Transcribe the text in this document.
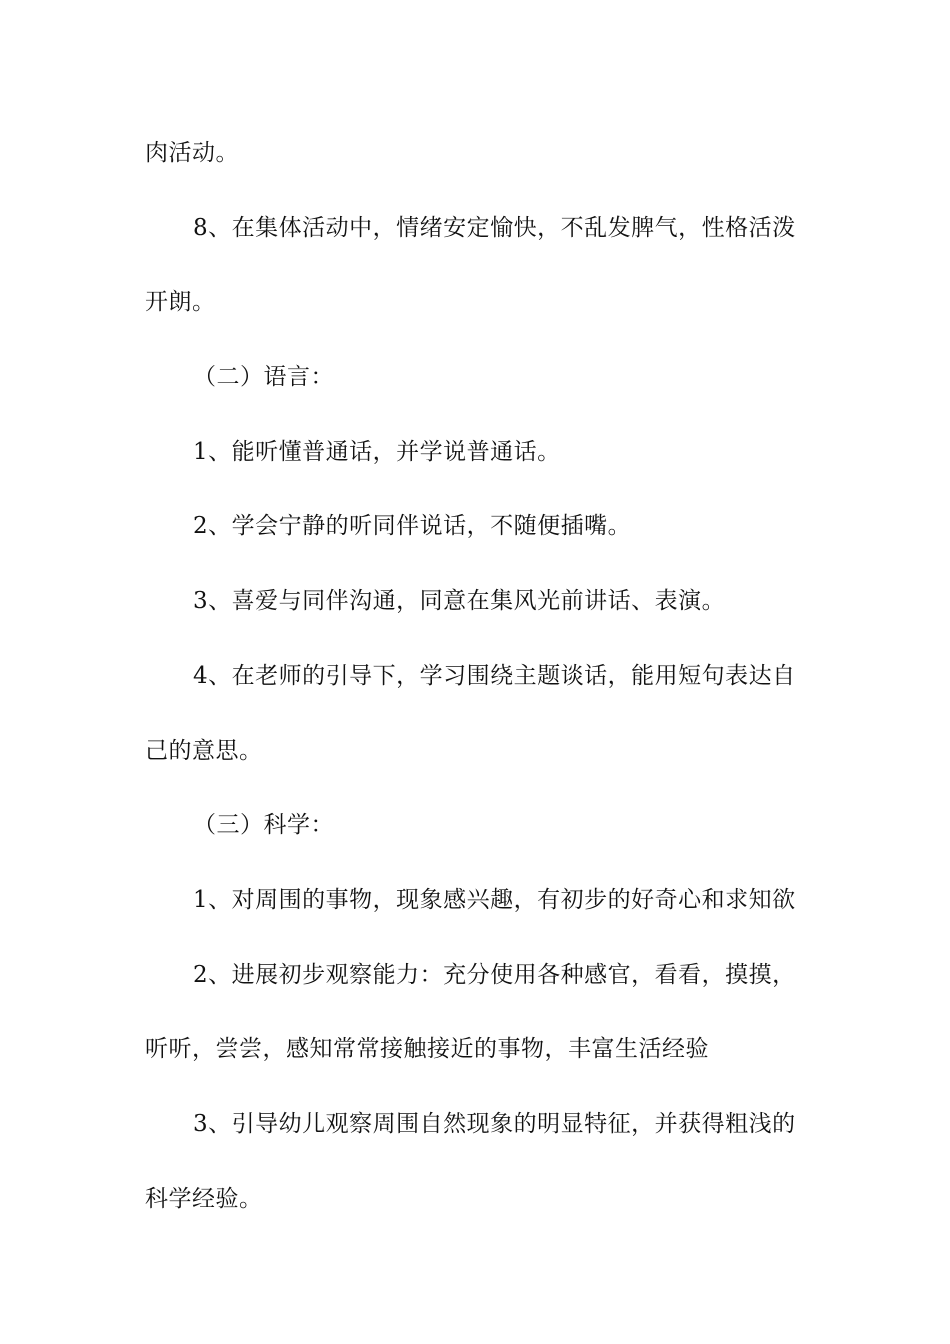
肉活动。
8、在集体活动中，情绪安定愉快，不乱发脾气，性格活泼
开朗。
（二）语言：
1、能听懂普通话，并学说普通话。
2、学会宁静的听同伴说话，不随便插嘴。
3、喜爱与同伴沟通，同意在集风光前讲话、表演。
4、在老师的引导下，学习围绕主题谈话，能用短句表达自
己的意思。
（三）科学：
1、对周围的事物，现象感兴趣，有初步的好奇心和求知欲
2、进展初步观察能力：充分使用各种感官，看看，摸摸，
听听，尝尝，感知常常接触接近的事物，丰富生活经验
3、引导幼儿观察周围自然现象的明显特征，并获得粗浅的
科学经验。
